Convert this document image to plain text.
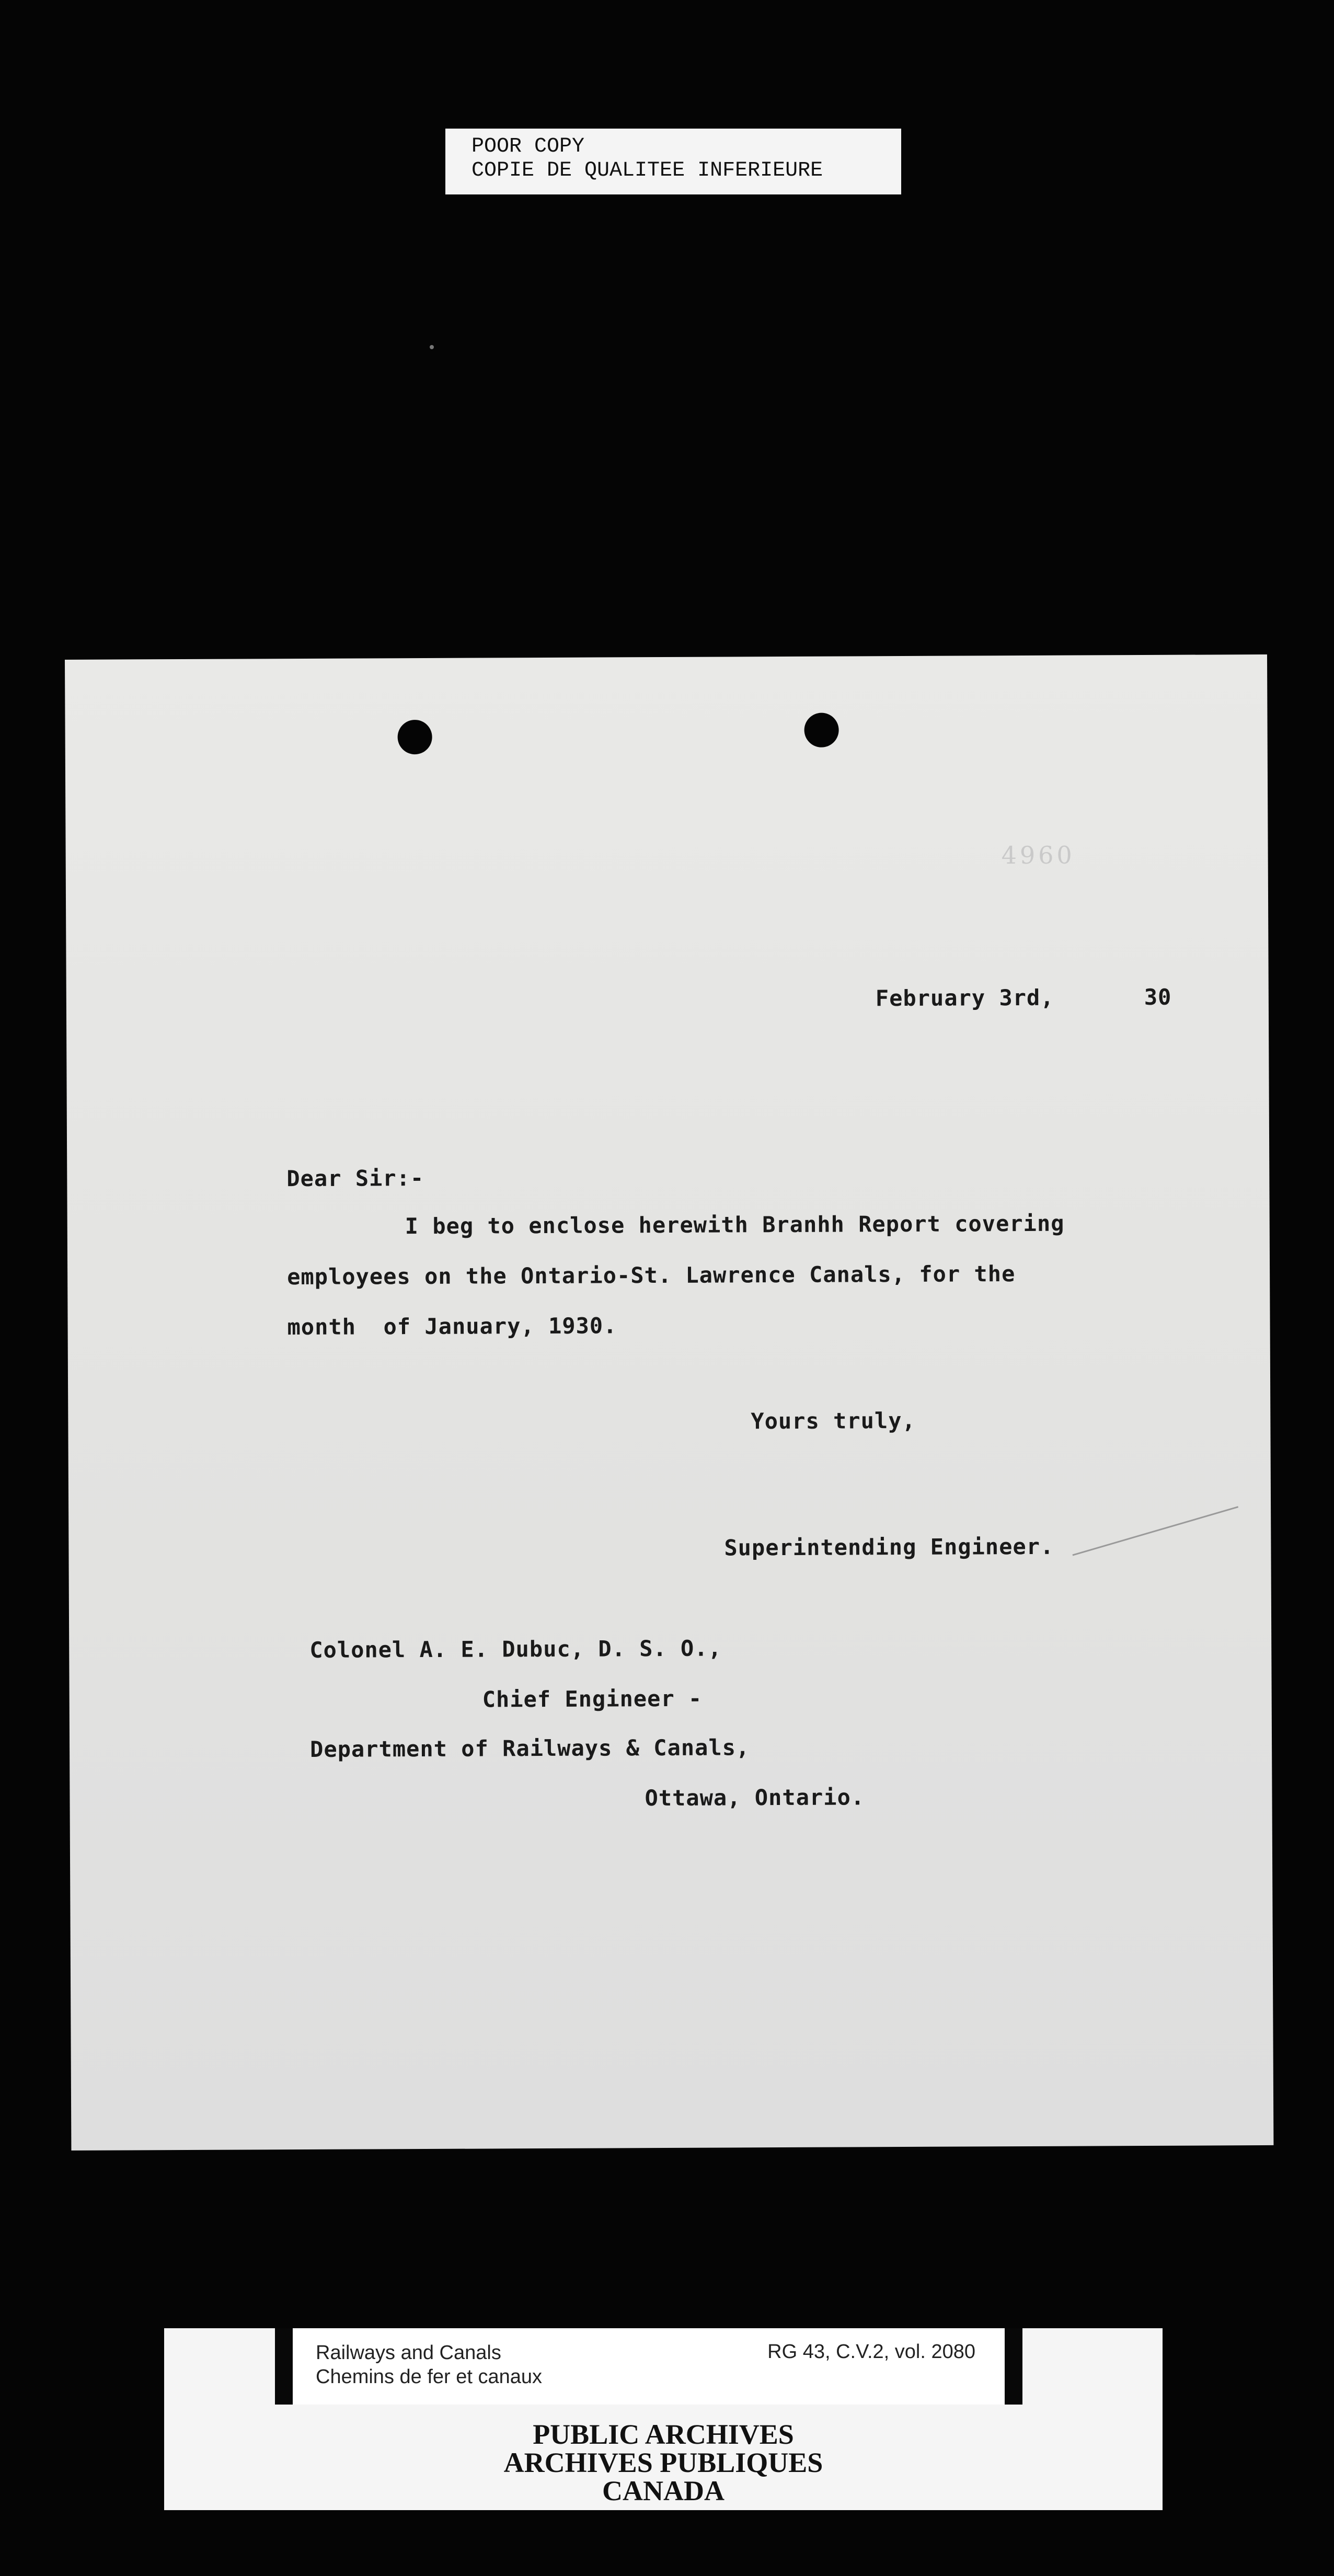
POOR COPY
COPIE DE QUALITEE INFERIEURE
4960
February 3rd,	30
Dear Sir:-
I beg to enclose herewith Branhh Report covering
employees on the Ontario-St. Lawrence Canals, for the
month  of January, 1930.
Yours truly,
Superintending Engineer.
Colonel A. E. Dubuc, D. S. O.,
Chief Engineer -
Department of Railways & Canals,
Ottawa, Ontario.
Railways and Canals
Chemins de fer et canaux
RG 43, C.V.2, vol. 2080
PUBLIC ARCHIVES
ARCHIVES PUBLIQUES
CANADA
